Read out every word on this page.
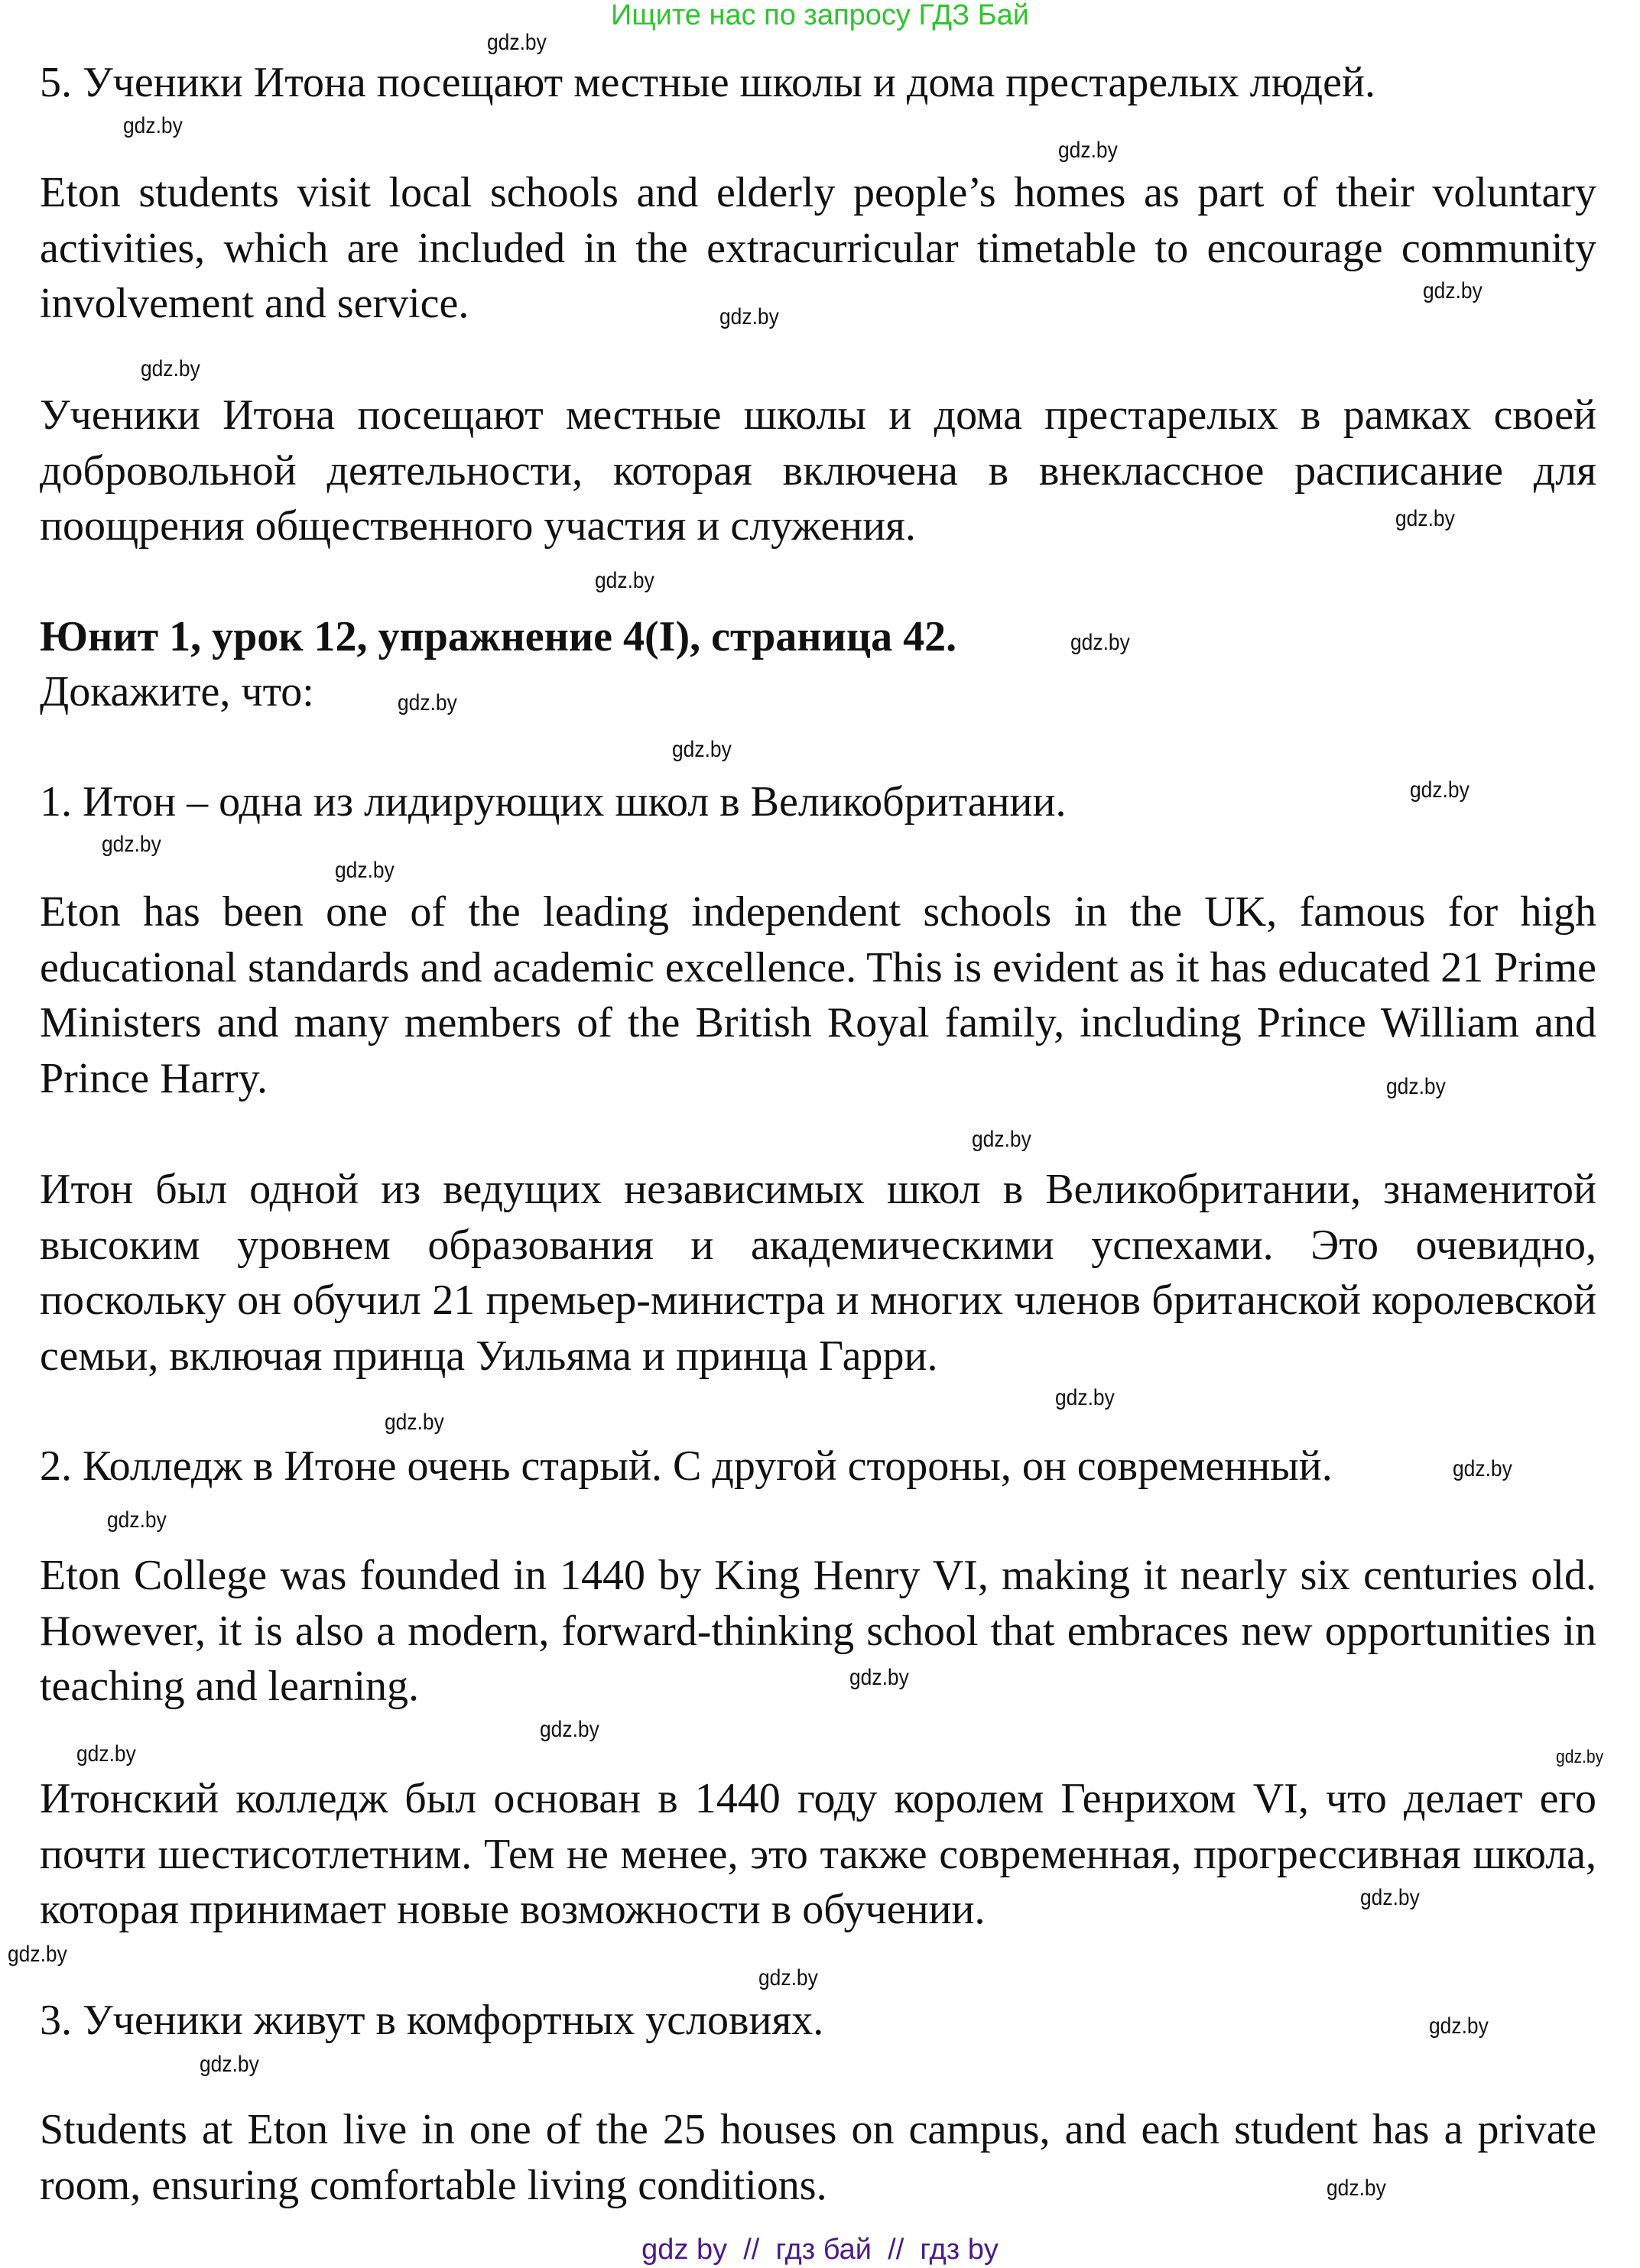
Ищите нас по запросу ГДЗ Бай

5. Ученики Итона посещают местные школы и дома престарелых людей.

Eton students visit local schools and elderly people’s homes as part of their voluntary activities, which are included in the extracurricular timetable to encourage community involvement and service.

Ученики Итона посещают местные школы и дома престарелых в рамках своей добровольной деятельности, которая включена в внеклассное расписание для поощрения общественного участия и служения.

Юнит 1, урок 12, упражнение 4(I), страница 42.

Докажите, что:

1. Итон – одна из лидирующих школ в Великобритании.

Eton has been one of the leading independent schools in the UK, famous for high educational standards and academic excellence. This is evident as it has educated 21 Prime Ministers and many members of the British Royal family, including Prince William and Prince Harry.

Итон был одной из ведущих независимых школ в Великобритании, знаменитой высоким уровнем образования и академическими успехами. Это очевидно, поскольку он обучил 21 премьер-министра и многих членов британской королевской семьи, включая принца Уильяма и принца Гарри.

2. Колледж в Итоне очень старый. С другой стороны, он современный.

Eton College was founded in 1440 by King Henry VI, making it nearly six centuries old. However, it is also a modern, forward-thinking school that embraces new opportunities in teaching and learning.

Итонский колледж был основан в 1440 году королем Генрихом VI, что делает его почти шестисотлетним. Тем не менее, это также современная, прогрессивная школа, которая принимает новые возможности в обучении.

3. Ученики живут в комфортных условиях.

Students at Eton live in one of the 25 houses on campus, and each student has a private room, ensuring comfortable living conditions.

gdz.by
gdz.by
gdz.by
gdz.by
gdz.by
gdz.by
gdz.by
gdz.by
gdz.by
gdz.by
gdz.by
gdz.by
gdz.by
gdz.by
gdz.by
gdz.by
gdz.by
gdz.by
gdz.by
gdz.by
gdz.by
gdz.by
gdz.by	gdz.by
gdz.by
gdz.by
gdz.by
gdz.by
gdz.by
gdz.by
gdz by  //  гдз бай  //  гдз by
